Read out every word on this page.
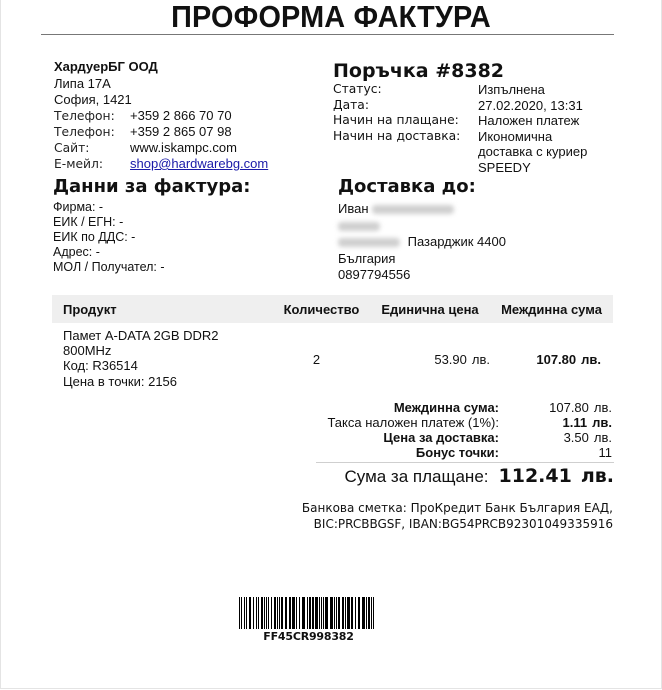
ПРОФОРМА ФАКТУРА
ХардуерБГ ООД
Липа 17А
София, 1421
Телефон:	+359 2 866 70 70
Телефон:	+359 2 865 07 98
Сайт:	www.iskampc.com
Е-мейл:	shop@hardwarebg.com
Поръчка #8382
Статус:	Изпълнена
Дата:	27.02.2020, 13:31
Начин на плащане:	Наложен платеж
Начин на доставка:	Икономична доставка с куриер SPEEDY
Данни за фактура:
Фирма: -
ЕИК / ЕГН: -
ЕИК по ДДС: -
Адрес: -
МОЛ / Получател: -
Доставка до:
Иван
Пазарджик 4400
България
0897794556
Продукт	Количество	Единична цена	Междинна сума
Памет A-DATA 2GB DDR2 800MHz
Код: R36514
Цена в точки: 2156
2	53.90 лв.	107.80 лв.
Междинна сума:	107.80 лв.
Такса наложен платеж (1%):	1.11 лв.
Цена за доставка:	3.50 лв.
Бонус точки:	11
Сума за плащане: 112.41 лв.
Банкова сметка: ПроКредит Банк България ЕАД,
BIC:PRCBBGSF, IBAN:BG54PRCB92301049335916
FF45CR998382
